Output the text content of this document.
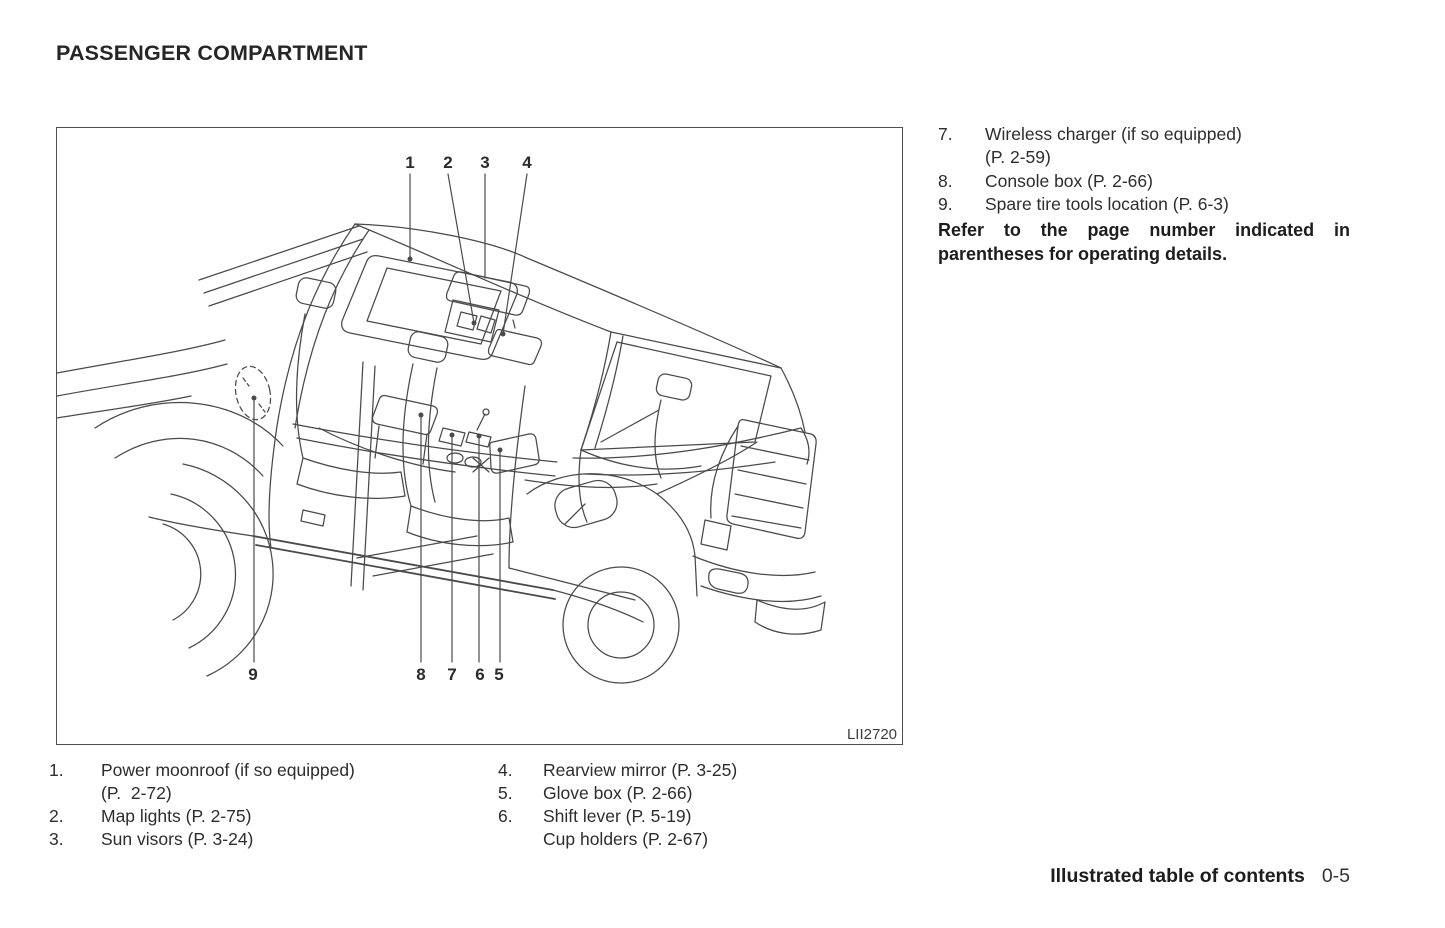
PASSENGER COMPARTMENT
1 2 3 4
9	8 7 6 5
LII2720
7.	Wireless charger (if so equipped)
(P. 2-59)
8.	Console box (P. 2-66)
9.	Spare tire tools location (P. 6-3)
Refer to the page number indicated in
parentheses for operating details.
1.	Power moonroof (if so equipped)
(P.  2-72)
2.	Map lights (P. 2-75)
3.	Sun visors (P. 3-24)
4.	Rearview mirror (P. 3-25)
5.	Glove box (P. 2-66)
6.	Shift lever (P. 5-19)
Cup holders (P. 2-67)
Illustrated table of contents 0-5
